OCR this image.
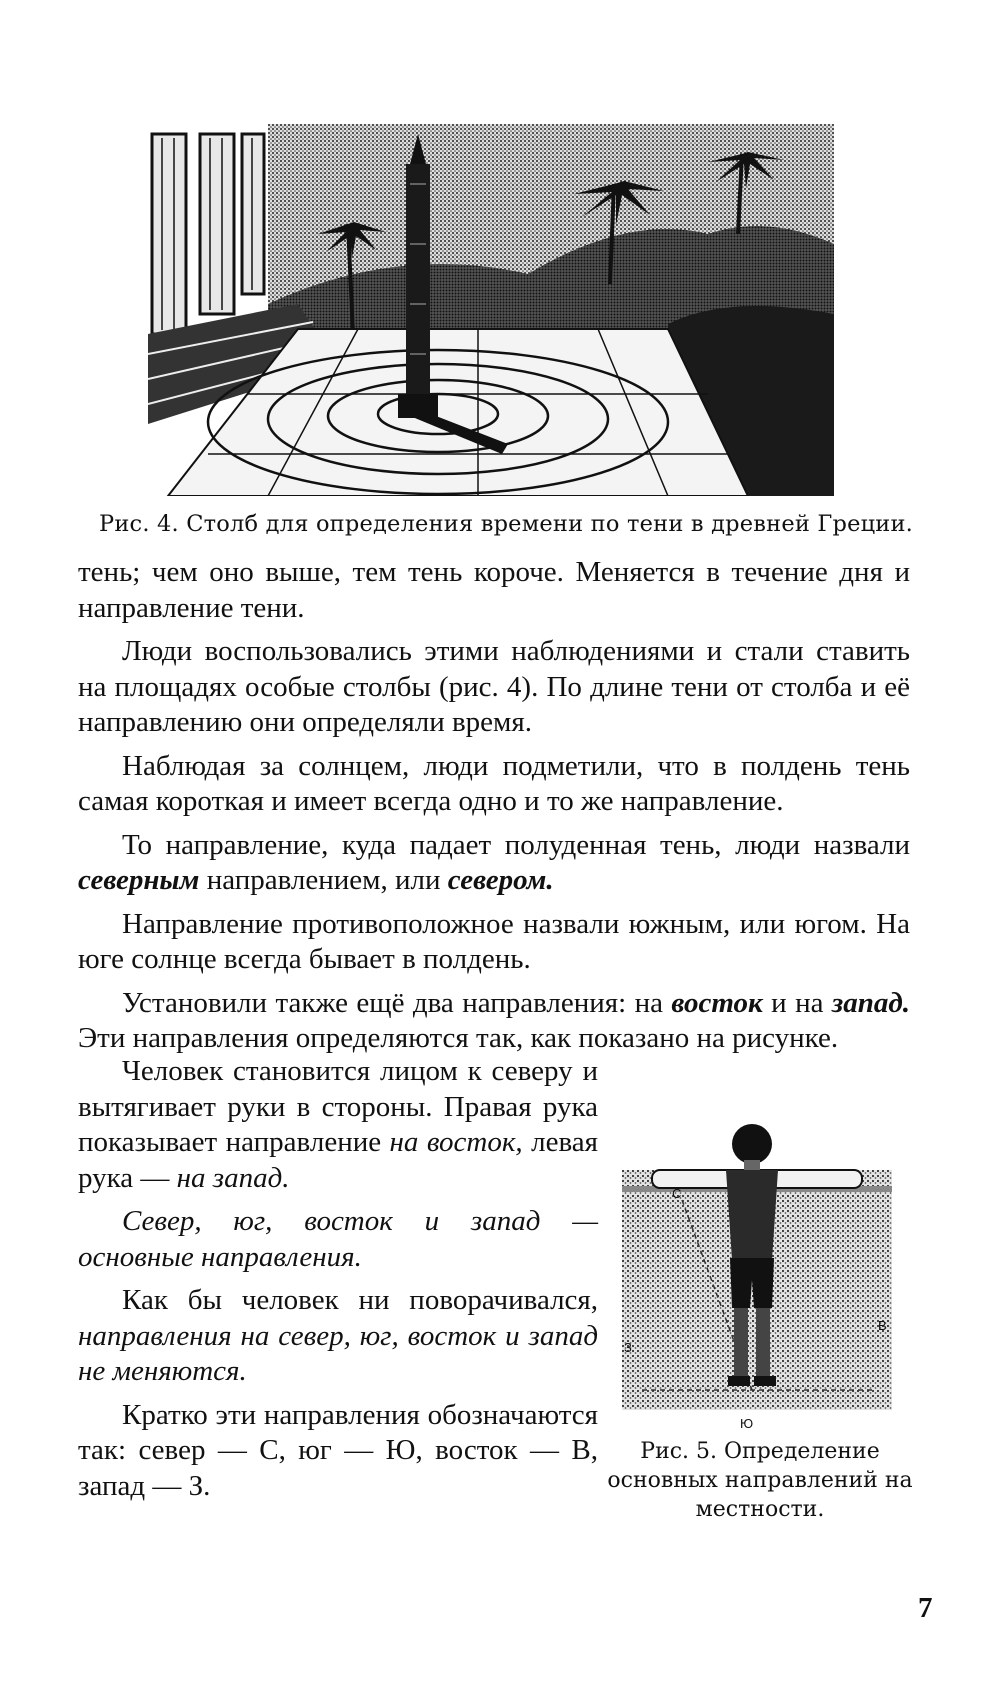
Рис. 4. Столб для определения времени по тени в древней Греции.

тень; чем оно выше, тем тень короче. Меняется в течение дня и направление тени.

Люди воспользовались этими наблюдениями и стали ставить на площадях особые столбы (рис. 4). По длине тени от столба и её направлению они определяли время.

Наблюдая за солнцем, люди подметили, что в полдень тень самая короткая и имеет всегда одно и то же направление.

То направление, куда падает полуденная тень, люди назвали северным направлением, или севером.

Направление противоположное назвали южным, или югом. На юге солнце всегда бывает в полдень.

Установили также ещё два направления: на восток и на запад. Эти направления определяются так, как показано на рисунке.

Человек становится лицом к северу и вытягивает руки в стороны. Правая рука показывает направление на восток, левая рука — на запад.

Север, юг, восток и запад — основные направления.

Как бы человек ни поворачивался, направления на север, юг, восток и запад не меняются.

Кратко эти направления обозначаются так: север — С, юг — Ю, восток — В, запад — З.

С
В
З
Ю
Рис. 5. Определение основных направлений на местности.
7
